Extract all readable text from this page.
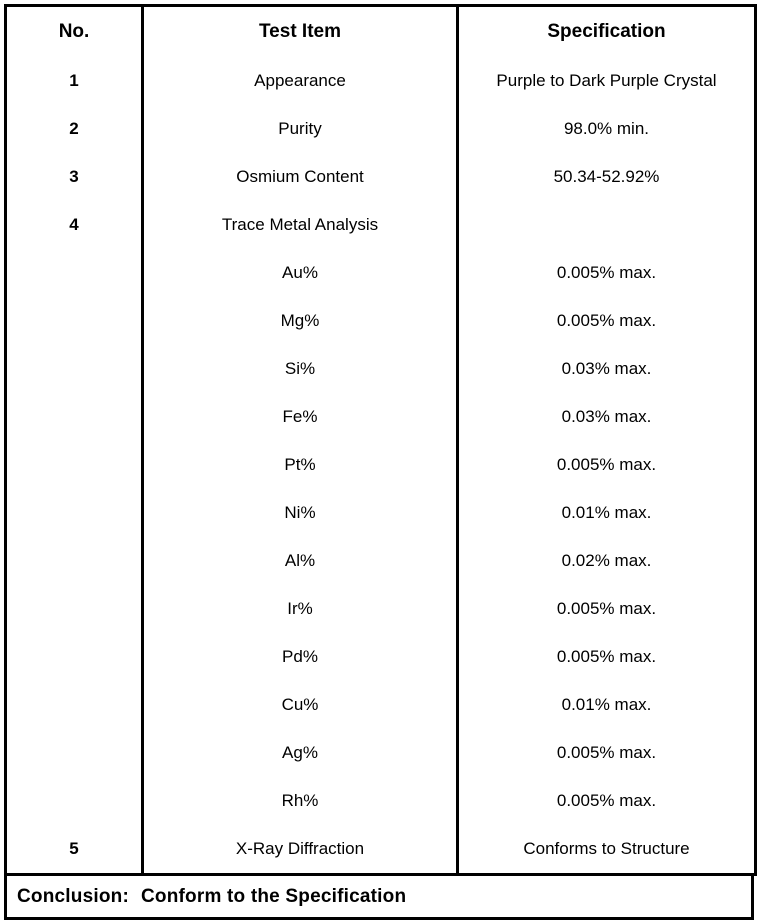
No.	Test Item	Specification
1	Appearance	Purple to Dark Purple Crystal
2	Purity	98.0% min.
3	Osmium Content	50.34-52.92%
4	Trace Metal Analysis	
	Au%	0.005% max.
	Mg%	0.005% max.
	Si%	0.03% max.
	Fe%	0.03% max.
	Pt%	0.005% max.
	Ni%	0.01% max.
	Al%	0.02% max.
	Ir%	0.005% max.
	Pd%	0.005% max.
	Cu%	0.01% max.
	Ag%	0.005% max.
	Rh%	0.005% max.
5	X-Ray Diffraction	Conforms to Structure
Conclusion: Conform to the Specification
